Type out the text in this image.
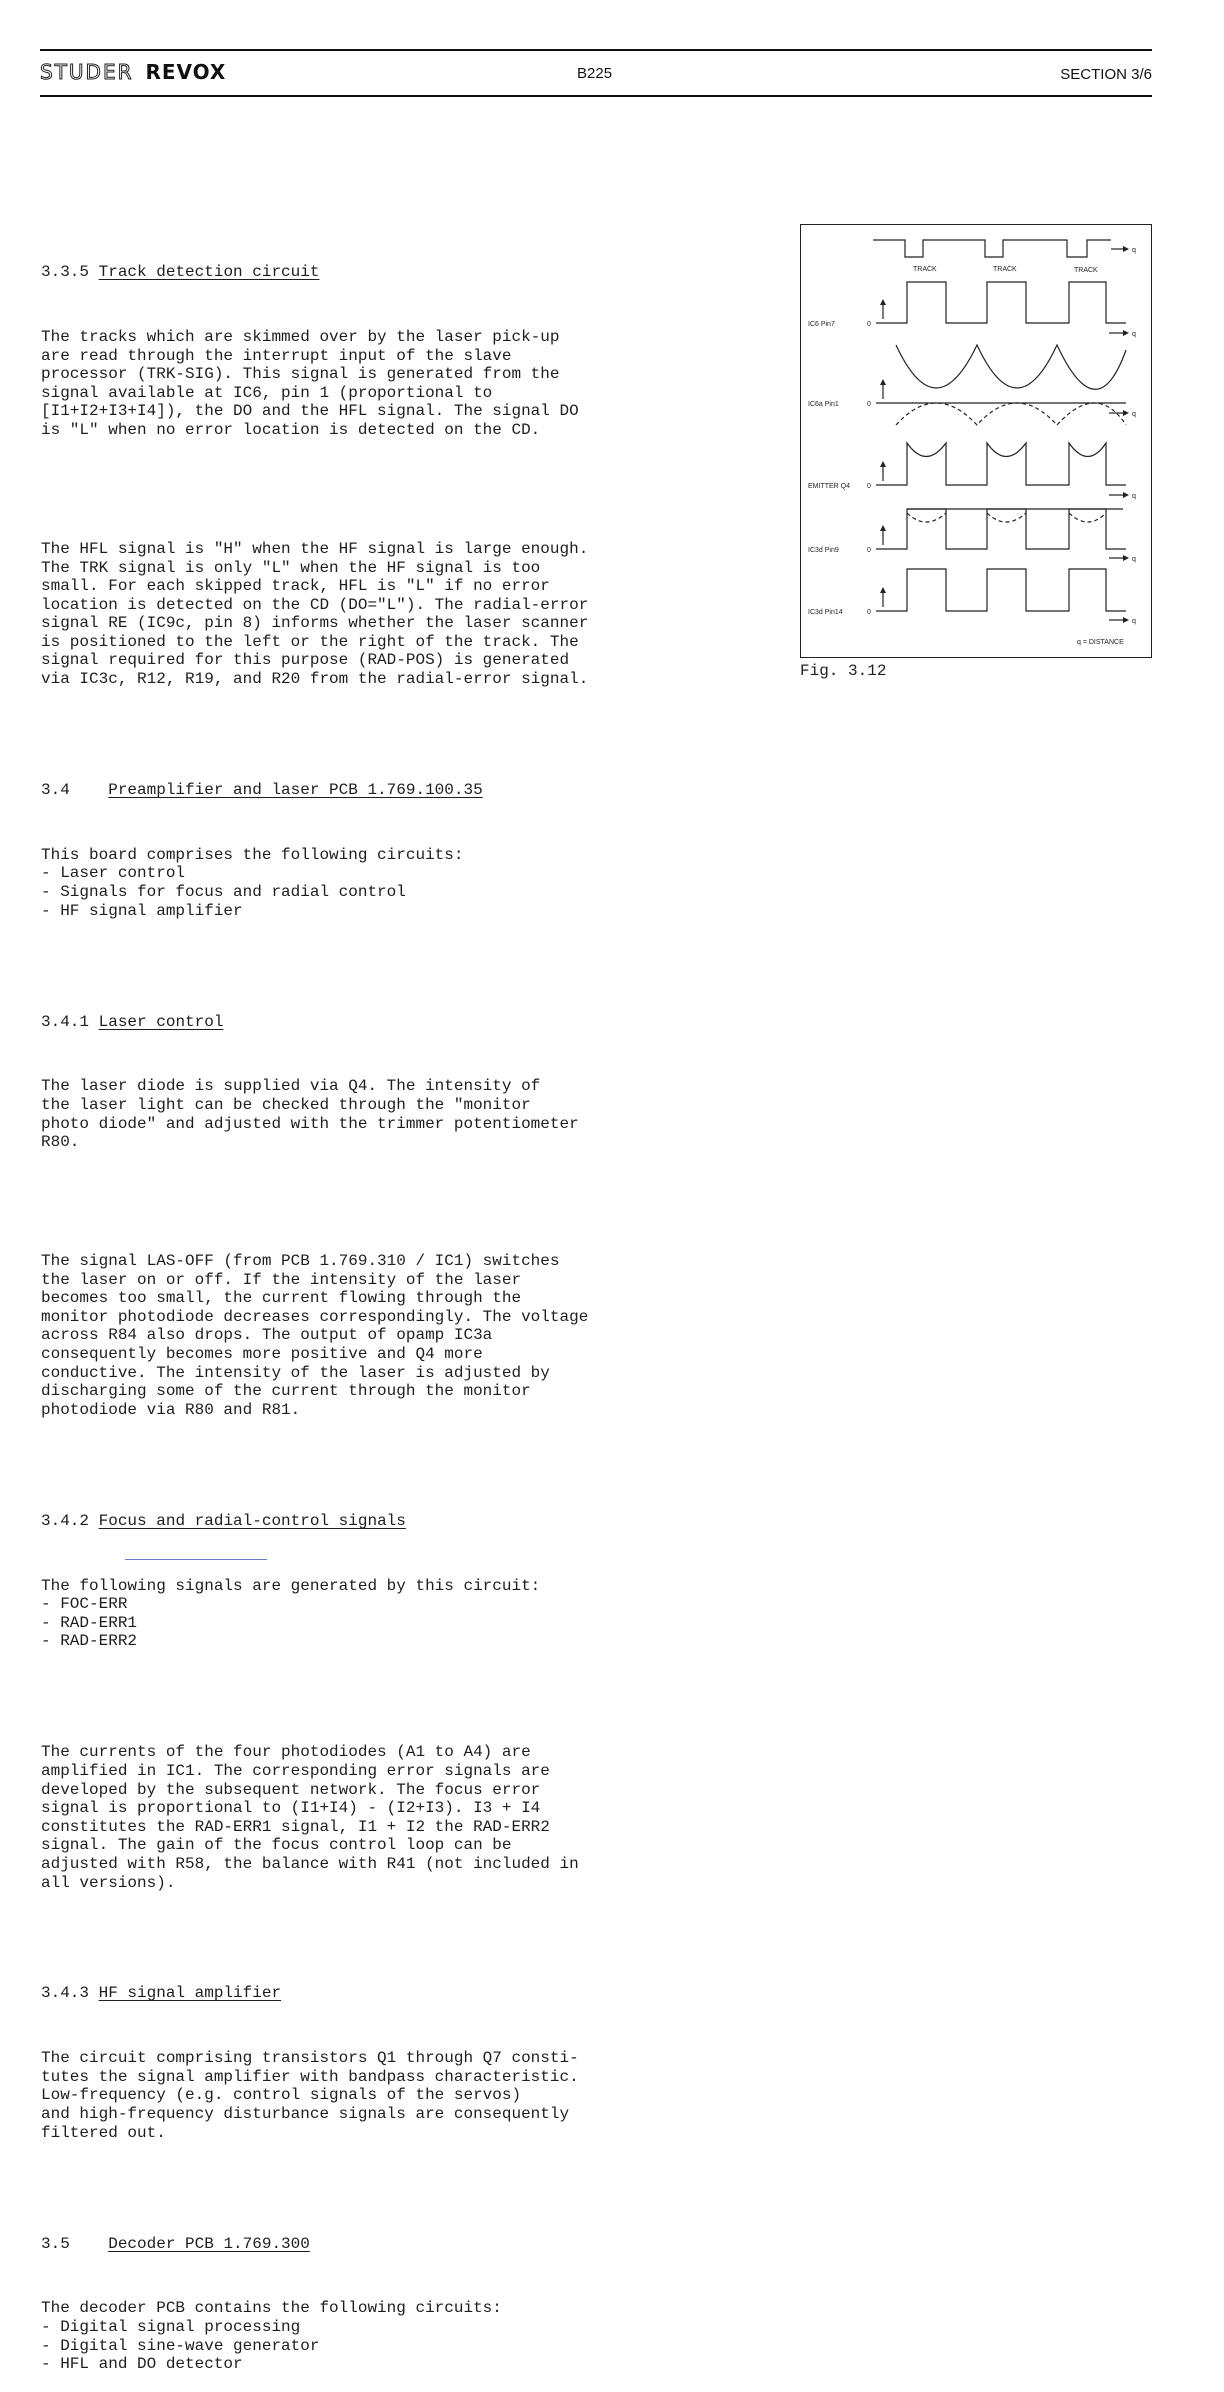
STUDER REVOX	B225	SECTION 3/6

3.3.5 Track detection circuit

The tracks which are skimmed over by the laser pick-up
are read through the interrupt input of the slave
processor (TRK-SIG). This signal is generated from the
signal available at IC6, pin 1 (proportional to
[I1+I2+I3+I4]), the DO and the HFL signal. The signal DO
is "L" when no error location is detected on the CD.

The HFL signal is "H" when the HF signal is large enough.
The TRK signal is only "L" when the HF signal is too
small. For each skipped track, HFL is "L" if no error
location is detected on the CD (DO="L"). The radial-error
signal RE (IC9c, pin 8) informs whether the laser scanner
is positioned to the left or the right of the track. The
signal required for this purpose (RAD-POS) is generated
via IC3c, R12, R19, and R20 from the radial-error signal.

3.4 Preamplifier and laser PCB 1.769.100.35

This board comprises the following circuits:
- Laser control
- Signals for focus and radial control
- HF signal amplifier

3.4.1 Laser control

The laser diode is supplied via Q4. The intensity of
the laser light can be checked through the "monitor
photo diode" and adjusted with the trimmer potentiometer
R80.

The signal LAS-OFF (from PCB 1.769.310 / IC1) switches
the laser on or off. If the intensity of the laser
becomes too small, the current flowing through the
monitor photodiode decreases correspondingly. The voltage
across R84 also drops. The output of opamp IC3a
consequently becomes more positive and Q4 more
conductive. The intensity of the laser is adjusted by
discharging some of the current through the monitor
photodiode via R80 and R81.

3.4.2 Focus and radial-control signals

The following signals are generated by this circuit:
- FOC-ERR
- RAD-ERR1
- RAD-ERR2

The currents of the four photodiodes (A1 to A4) are
amplified in IC1. The corresponding error signals are
developed by the subsequent network. The focus error
signal is proportional to (I1+I4) - (I2+I3). I3 + I4
constitutes the RAD-ERR1 signal, I1 + I2 the RAD-ERR2
signal. The gain of the focus control loop can be
adjusted with R58, the balance with R41 (not included in
all versions).

3.4.3 HF signal amplifier

The circuit comprising transistors Q1 through Q7 consti-
tutes the signal amplifier with bandpass characteristic.
Low-frequency (e.g. control signals of the servos)
and high-frequency disturbance signals are consequently
filtered out.

3.5 Decoder PCB 1.769.300

The decoder PCB contains the following circuits:
- Digital signal processing
- Digital sine-wave generator
- HFL and DO detector

TRACK	TRACK	TRACK
q
q
q
q
q
q
IC6 Pin7
IC6a Pin1
EMITTER Q4
IC3d Pin9
IC3d Pin14
0
0
0
0
0
q = DISTANCE
Fig. 3.12
